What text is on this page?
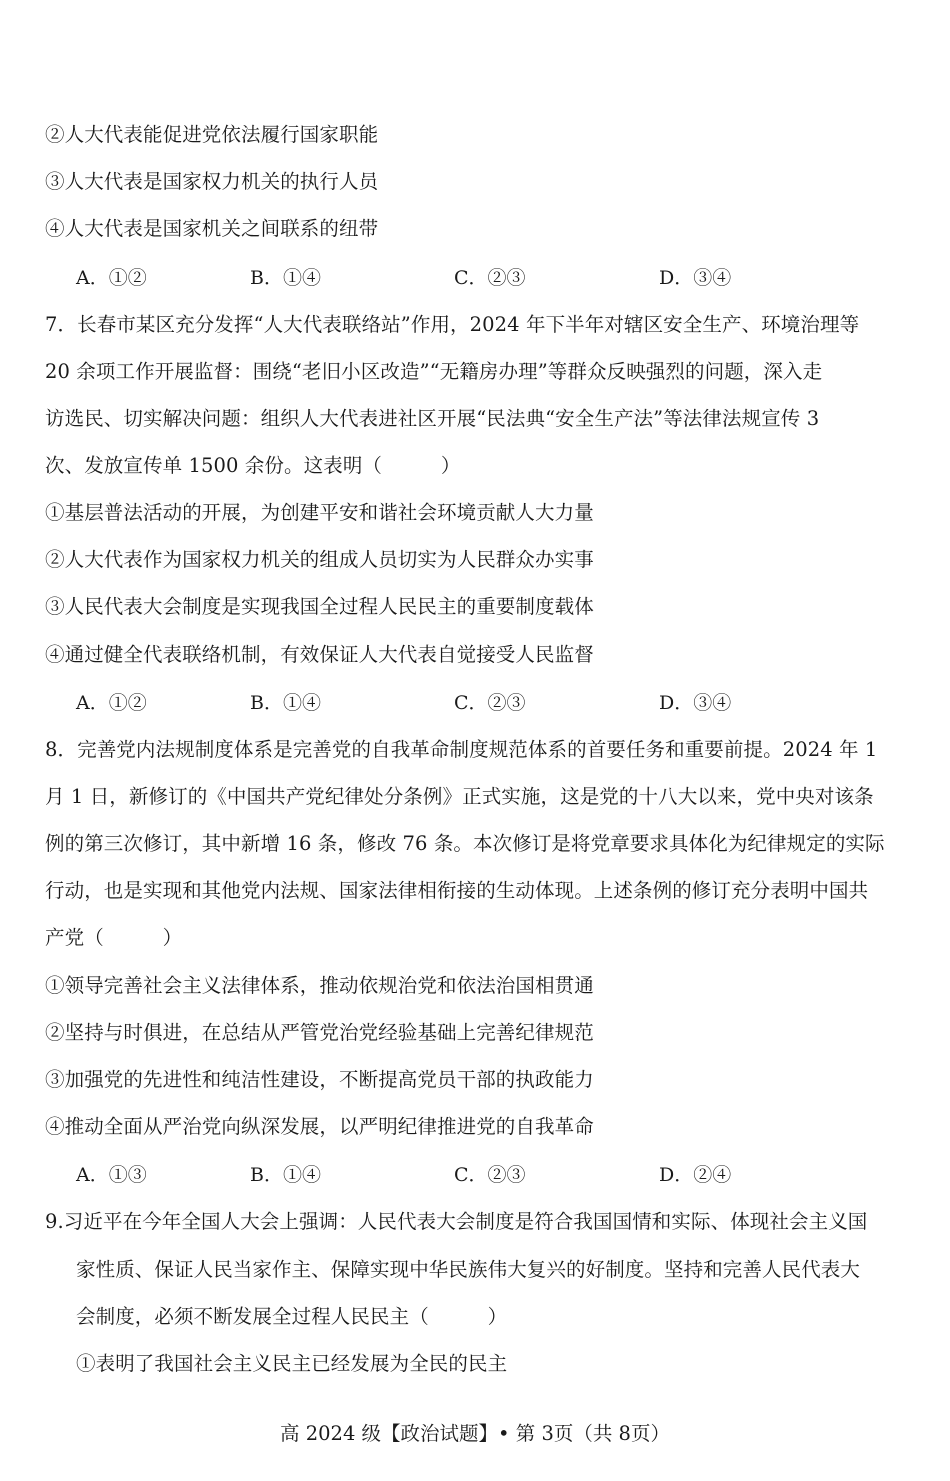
②人大代表能促进党依法履行国家职能
③人大代表是国家权力机关的执行人员
④人大代表是国家机关之间联系的纽带
A．①②	B．①④	C．②③	D．③④
7．长春市某区充分发挥“人大代表联络站”作用，2024 年下半年对辖区安全生产、环境治理等
20 余项工作开展监督：围绕“老旧小区改造”“无籍房办理”等群众反映强烈的问题，深入走
访选民、切实解决问题：组织人大代表进社区开展“民法典“安全生产法”等法律法规宣传 3
次、发放宣传单 1500 余份。这表明（　　　）
①基层普法活动的开展，为创建平安和谐社会环境贡献人大力量
②人大代表作为国家权力机关的组成人员切实为人民群众办实事
③人民代表大会制度是实现我国全过程人民民主的重要制度载体
④通过健全代表联络机制，有效保证人大代表自觉接受人民监督
A．①②	B．①④	C．②③	D．③④
8．完善党内法规制度体系是完善党的自我革命制度规范体系的首要任务和重要前提。2024 年 1
月 1 日，新修订的《中国共产党纪律处分条例》正式实施，这是党的十八大以来，党中央对该条
例的第三次修订，其中新增 16 条，修改 76 条。本次修订是将党章要求具体化为纪律规定的实际
行动，也是实现和其他党内法规、国家法律相衔接的生动体现。上述条例的修订充分表明中国共
产党（　　　）
①领导完善社会主义法律体系，推动依规治党和依法治国相贯通
②坚持与时俱进，在总结从严管党治党经验基础上完善纪律规范
③加强党的先进性和纯洁性建设，不断提高党员干部的执政能力
④推动全面从严治党向纵深发展，以严明纪律推进党的自我革命
A．①③	B．①④	C．②③	D．②④
9.习近平在今年全国人大会上强调：人民代表大会制度是符合我国国情和实际、体现社会主义国
家性质、保证人民当家作主、保障实现中华民族伟大复兴的好制度。坚持和完善人民代表大
会制度，必须不断发展全过程人民民主（　　　）
①表明了我国社会主义民主已经发展为全民的民主
高 2024 级【政治试题】• 第 3页（共 8页）
